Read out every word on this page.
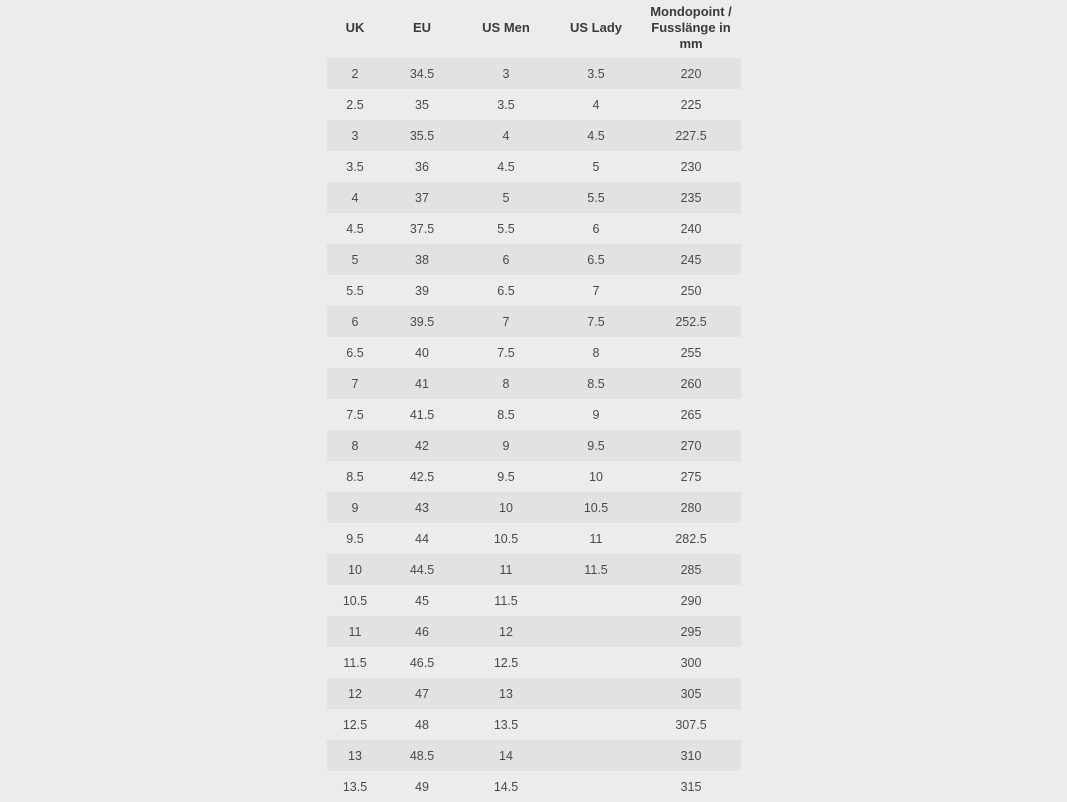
UK	EU	US Men	US Lady	Mondopoint / Fusslänge in mm
2	34.5	3	3.5	220
2.5	35	3.5	4	225
3	35.5	4	4.5	227.5
3.5	36	4.5	5	230
4	37	5	5.5	235
4.5	37.5	5.5	6	240
5	38	6	6.5	245
5.5	39	6.5	7	250
6	39.5	7	7.5	252.5
6.5	40	7.5	8	255
7	41	8	8.5	260
7.5	41.5	8.5	9	265
8	42	9	9.5	270
8.5	42.5	9.5	10	275
9	43	10	10.5	280
9.5	44	10.5	11	282.5
10	44.5	11	11.5	285
10.5	45	11.5		290
11	46	12		295
11.5	46.5	12.5		300
12	47	13		305
12.5	48	13.5		307.5
13	48.5	14		310
13.5	49	14.5		315
